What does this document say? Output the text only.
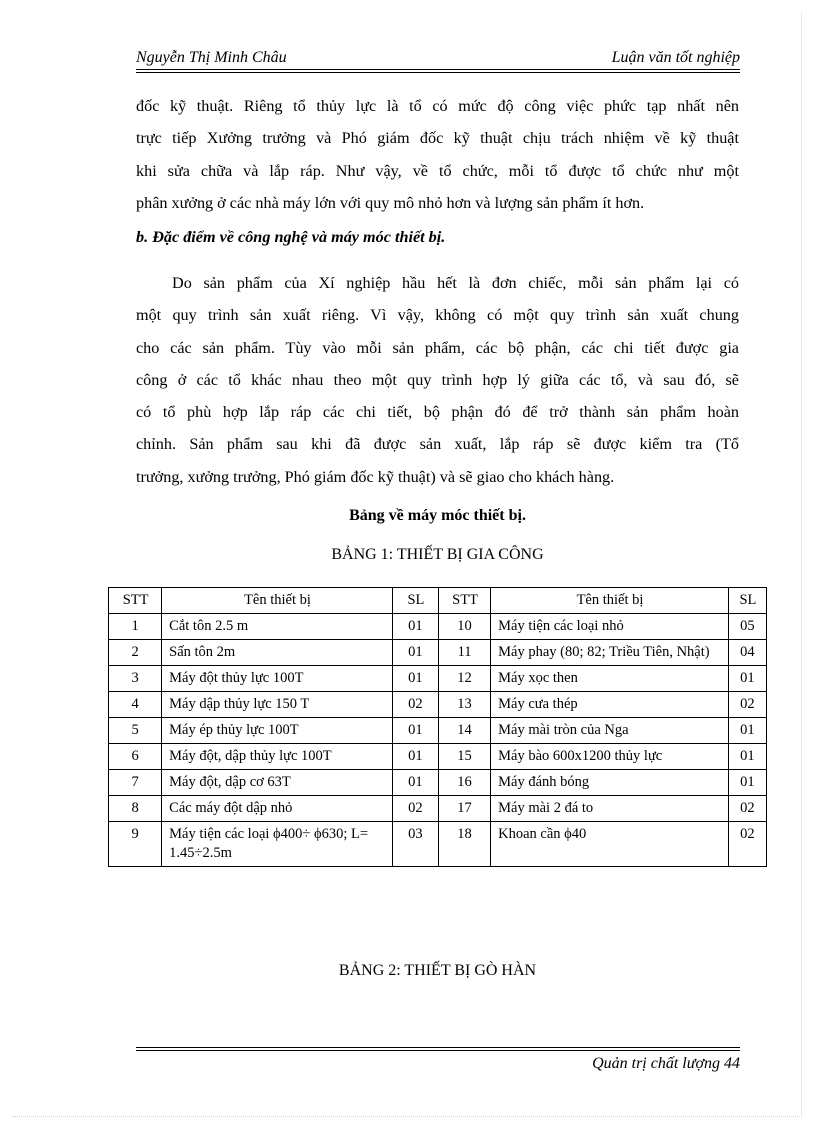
Nguyễn Thị Minh Châu	Luận văn tốt nghiệp
đốc kỹ thuật. Riêng tổ thủy lực là tổ có mức độ công việc phức tạp nhất nên
trực tiếp Xưởng trưởng và Phó giám đốc kỹ thuật chịu trách nhiệm về kỹ thuật
khi sửa chữa và lắp ráp. Như vậy, về tổ chức, mỗi tổ được tổ chức như một
phân xưởng ở các nhà máy lớn với quy mô nhỏ hơn và lượng sản phẩm ít hơn.
b. Đặc điểm về công nghệ và máy móc thiết bị.
Do sản phẩm của Xí nghiệp hầu hết là đơn chiếc, mỗi sản phẩm lại có
một quy trình sản xuất riêng. Vì vậy, không có một quy trình sản xuất chung
cho các sản phẩm. Tùy vào mỗi sản phẩm, các bộ phận, các chi tiết được gia
công ở các tổ khác nhau theo một quy trình hợp lý giữa các tổ, và sau đó, sẽ
có tổ phù hợp lắp ráp các chi tiết, bộ phận đó để trở thành sản phẩm hoàn
chỉnh. Sản phẩm sau khi đã được sản xuất, lắp ráp sẽ được kiểm tra (Tổ
trưởng, xưởng trưởng, Phó giám đốc kỹ thuật) và sẽ giao cho khách hàng.
Bảng về máy móc thiết bị.
BẢNG 1: THIẾT BỊ GIA CÔNG
STT	Tên thiết bị	SL	STT	Tên thiết bị	SL
1	Cắt tôn 2.5 m	01	10	Máy tiện các loại nhỏ	05
2	Sấn tôn 2m	01	11	Máy phay (80; 82; Triều Tiên, Nhật)	04
3	Máy đột thủy lực 100T	01	12	Máy xọc then	01
4	Máy dập thủy lực 150 T	02	13	Máy cưa thép	02
5	Máy ép thủy lực 100T	01	14	Máy mài tròn của Nga	01
6	Máy đột, dập thủy lực 100T	01	15	Máy bào 600x1200 thủy lực	01
7	Máy đột, dập cơ 63T	01	16	Máy đánh bóng	01
8	Các máy đột dập nhỏ	02	17	Máy mài 2 đá to	02
9	Máy tiện các loại ϕ400÷ ϕ630; L= 1.45÷2.5m	03	18	Khoan cần ϕ40	02
BẢNG 2: THIẾT BỊ GÒ HÀN
Quản trị chất lượng 44
